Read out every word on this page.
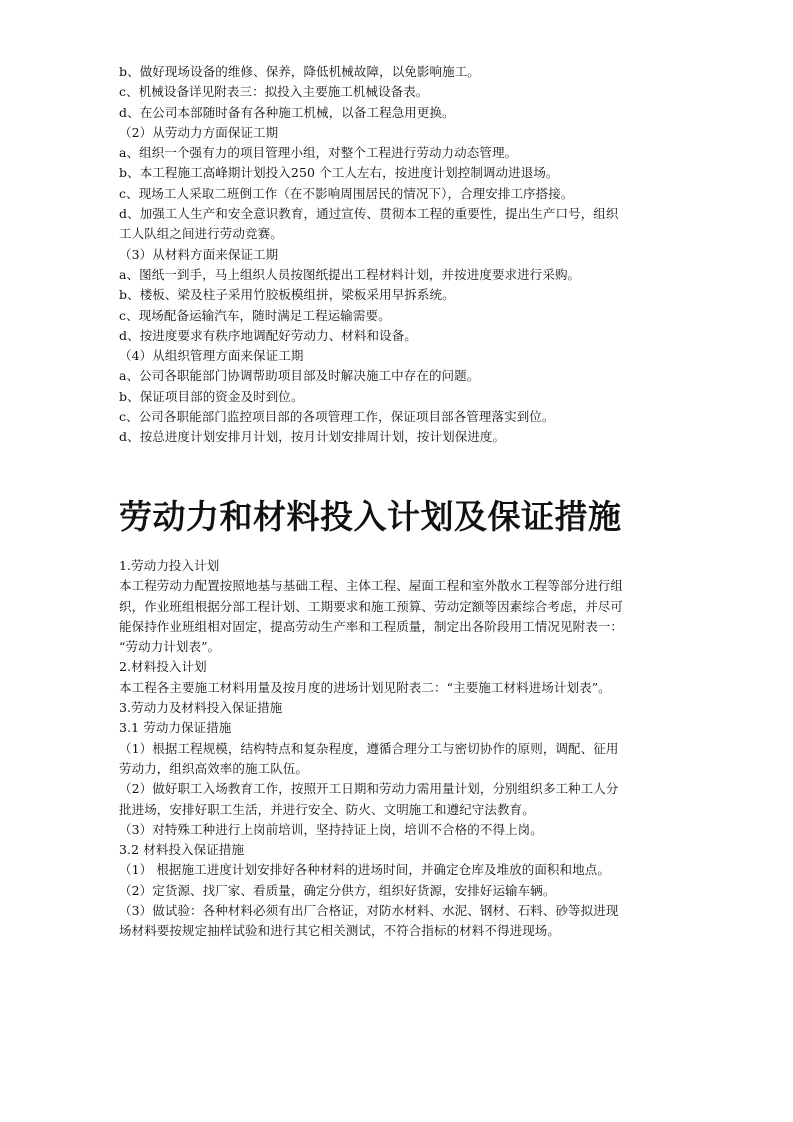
b、做好现场设备的维修、保养，降低机械故障，以免影响施工。
c、机械设备详见附表三：拟投入主要施工机械设备表。
d、在公司本部随时备有各种施工机械，以备工程急用更换。
（2）从劳动力方面保证工期
a、组织一个强有力的项目管理小组，对整个工程进行劳动力动态管理。
b、本工程施工高峰期计划投入250 个工人左右，按进度计划控制调动进退场。
c、现场工人采取二班倒工作（在不影响周围居民的情况下），合理安排工序搭接。
d、加强工人生产和安全意识教育，通过宣传、贯彻本工程的重要性，提出生产口号，组织
工人队组之间进行劳动竞赛。
（3）从材料方面来保证工期
a、图纸一到手，马上组织人员按图纸提出工程材料计划，并按进度要求进行采购。
b、楼板、梁及柱子采用竹胶板模组拼，梁板采用早拆系统。
c、现场配备运输汽车，随时满足工程运输需要。
d、按进度要求有秩序地调配好劳动力、材料和设备。
（4）从组织管理方面来保证工期
a、公司各职能部门协调帮助项目部及时解决施工中存在的问题。
b、保证项目部的资金及时到位。
c、公司各职能部门监控项目部的各项管理工作，保证项目部各管理落实到位。
d、按总进度计划安排月计划，按月计划安排周计划，按计划保进度。
劳动力和材料投入计划及保证措施
1.劳动力投入计划
本工程劳动力配置按照地基与基础工程、主体工程、屋面工程和室外散水工程等部分进行组
织，作业班组根据分部工程计划、工期要求和施工预算、劳动定额等因素综合考虑，并尽可
能保持作业班组相对固定，提高劳动生产率和工程质量，制定出各阶段用工情况见附表一：
“劳动力计划表”。
2.材料投入计划
本工程各主要施工材料用量及按月度的进场计划见附表二：“主要施工材料进场计划表”。
3.劳动力及材料投入保证措施
3.1 劳动力保证措施
（1）根据工程规模，结构特点和复杂程度，遵循合理分工与密切协作的原则，调配、征用
劳动力，组织高效率的施工队伍。
（2）做好职工入场教育工作，按照开工日期和劳动力需用量计划，分别组织多工种工人分
批进场，安排好职工生活，并进行安全、防火、文明施工和遵纪守法教育。
（3）对特殊工种进行上岗前培训，坚持持证上岗，培训不合格的不得上岗。
3.2 材料投入保证措施
（1） 根据施工进度计划安排好各种材料的进场时间，并确定仓库及堆放的面积和地点。
（2）定货源、找厂家、看质量，确定分供方，组织好货源，安排好运输车辆。
（3）做试验：各种材料必须有出厂合格证，对防水材料、水泥、钢材、石料、砂等拟进现
场材料要按规定抽样试验和进行其它相关测试，不符合指标的材料不得进现场。
